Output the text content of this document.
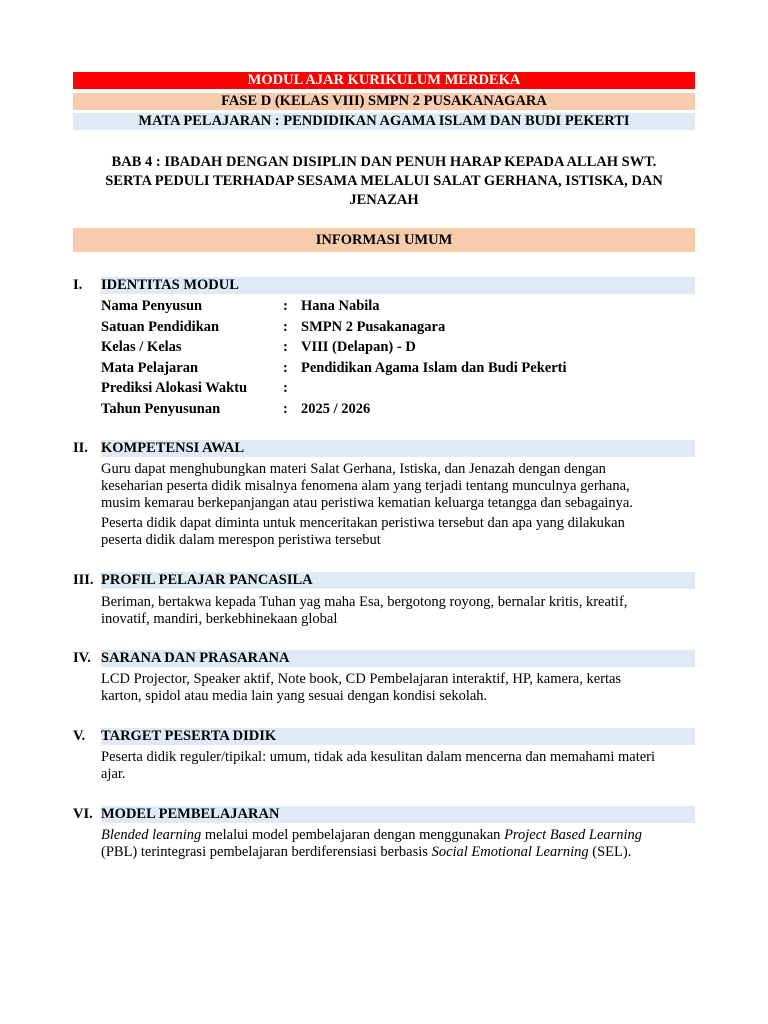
MODUL AJAR KURIKULUM MERDEKA
FASE D (KELAS VIII) SMPN 2 PUSAKANAGARA
MATA PELAJARAN : PENDIDIKAN AGAMA ISLAM DAN BUDI PEKERTI
BAB 4 : IBADAH DENGAN DISIPLIN DAN PENUH HARAP KEPADA ALLAH SWT.
SERTA PEDULI TERHADAP SESAMA MELALUI SALAT GERHANA, ISTISKA, DAN
JENAZAH
INFORMASI UMUM
I. IDENTITAS MODUL
Nama Penyusun	: Hana Nabila
Satuan Pendidikan	: SMPN 2 Pusakanagara
Kelas / Kelas	: VIII (Delapan) - D
Mata Pelajaran	: Pendidikan Agama Islam dan Budi Pekerti
Prediksi Alokasi Waktu :
Tahun Penyusunan	: 2025 / 2026
II. KOMPETENSI AWAL
Guru dapat menghubungkan materi Salat Gerhana, Istiska, dan Jenazah dengan dengan
keseharian peserta didik misalnya fenomena alam yang terjadi tentang munculnya gerhana,
musim kemarau berkepanjangan atau peristiwa kematian keluarga tetangga dan sebagainya.
Peserta didik dapat diminta untuk menceritakan peristiwa tersebut dan apa yang dilakukan
peserta didik dalam merespon peristiwa tersebut
III. PROFIL PELAJAR PANCASILA
Beriman, bertakwa kepada Tuhan yag maha Esa, bergotong royong, bernalar kritis, kreatif,
inovatif, mandiri, berkebhinekaan global
IV. SARANA DAN PRASARANA
LCD Projector, Speaker aktif, Note book, CD Pembelajaran interaktif, HP, kamera, kertas
karton, spidol atau media lain yang sesuai dengan kondisi sekolah.
V. TARGET PESERTA DIDIK
Peserta didik reguler/tipikal: umum, tidak ada kesulitan dalam mencerna dan memahami materi
ajar.
VI. MODEL PEMBELAJARAN
Blended learning melalui model pembelajaran dengan menggunakan Project Based Learning
(PBL) terintegrasi pembelajaran berdiferensiasi berbasis Social Emotional Learning (SEL).
